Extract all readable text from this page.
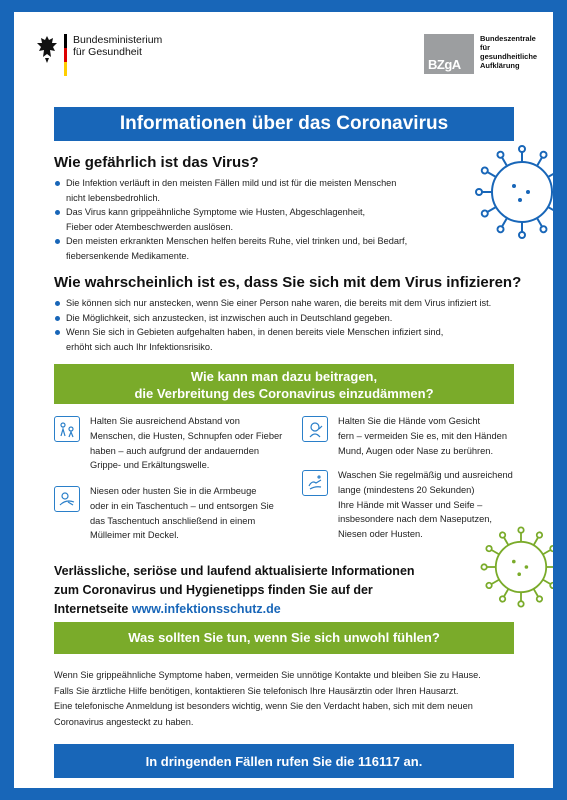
Bundesministerium
für Gesundheit
BZgA
Bundeszentrale
für
gesundheitliche
Aufklärung
Informationen über das Coronavirus
Wie gefährlich ist das Virus?
Die Infektion verläuft in den meisten Fällen mild und ist für die meisten Menschen
nicht lebensbedrohlich.
Das Virus kann grippeähnliche Symptome wie Husten, Abgeschlagenheit,
Fieber oder Atembeschwerden auslösen.
Den meisten erkrankten Menschen helfen bereits Ruhe, viel trinken und, bei Bedarf,
fiebersenkende Medikamente.
Wie wahrscheinlich ist es, dass Sie sich mit dem Virus infizieren?
Sie können sich nur anstecken, wenn Sie einer Person nahe waren, die bereits mit dem Virus infiziert ist.
Die Möglichkeit, sich anzustecken, ist inzwischen auch in Deutschland gegeben.
Wenn Sie sich in Gebieten aufgehalten haben, in denen bereits viele Menschen infiziert sind,
erhöht sich auch Ihr Infektionsrisiko.
Wie kann man dazu beitragen,
die Verbreitung des Coronavirus einzudämmen?
Halten Sie ausreichend Abstand von
Menschen, die Husten, Schnupfen oder Fieber
haben – auch aufgrund der andauernden
Grippe- und Erkältungswelle.
Halten Sie die Hände vom Gesicht
fern – vermeiden Sie es, mit den Händen
Mund, Augen oder Nase zu berühren.
Niesen oder husten Sie in die Armbeuge
oder in ein Taschentuch – und entsorgen Sie
das Taschentuch anschließend in einem
Mülleimer mit Deckel.
Waschen Sie regelmäßig und ausreichend
lange (mindestens 20 Sekunden)
Ihre Hände mit Wasser und Seife –
insbesondere nach dem Naseputzen,
Niesen oder Husten.
Verlässliche, seriöse und laufend aktualisierte Informationen
zum Coronavirus und Hygienetipps finden Sie auf der
Internetseite www.infektionsschutz.de
Was sollten Sie tun, wenn Sie sich unwohl fühlen?
Wenn Sie grippeähnliche Symptome haben, vermeiden Sie unnötige Kontakte und bleiben Sie zu Hause.
Falls Sie ärztliche Hilfe benötigen, kontaktieren Sie telefonisch Ihre Hausärztin oder Ihren Hausarzt.
Eine telefonische Anmeldung ist besonders wichtig, wenn Sie den Verdacht haben, sich mit dem neuen
Coronavirus angesteckt zu haben.
In dringenden Fällen rufen Sie die 116117 an.
